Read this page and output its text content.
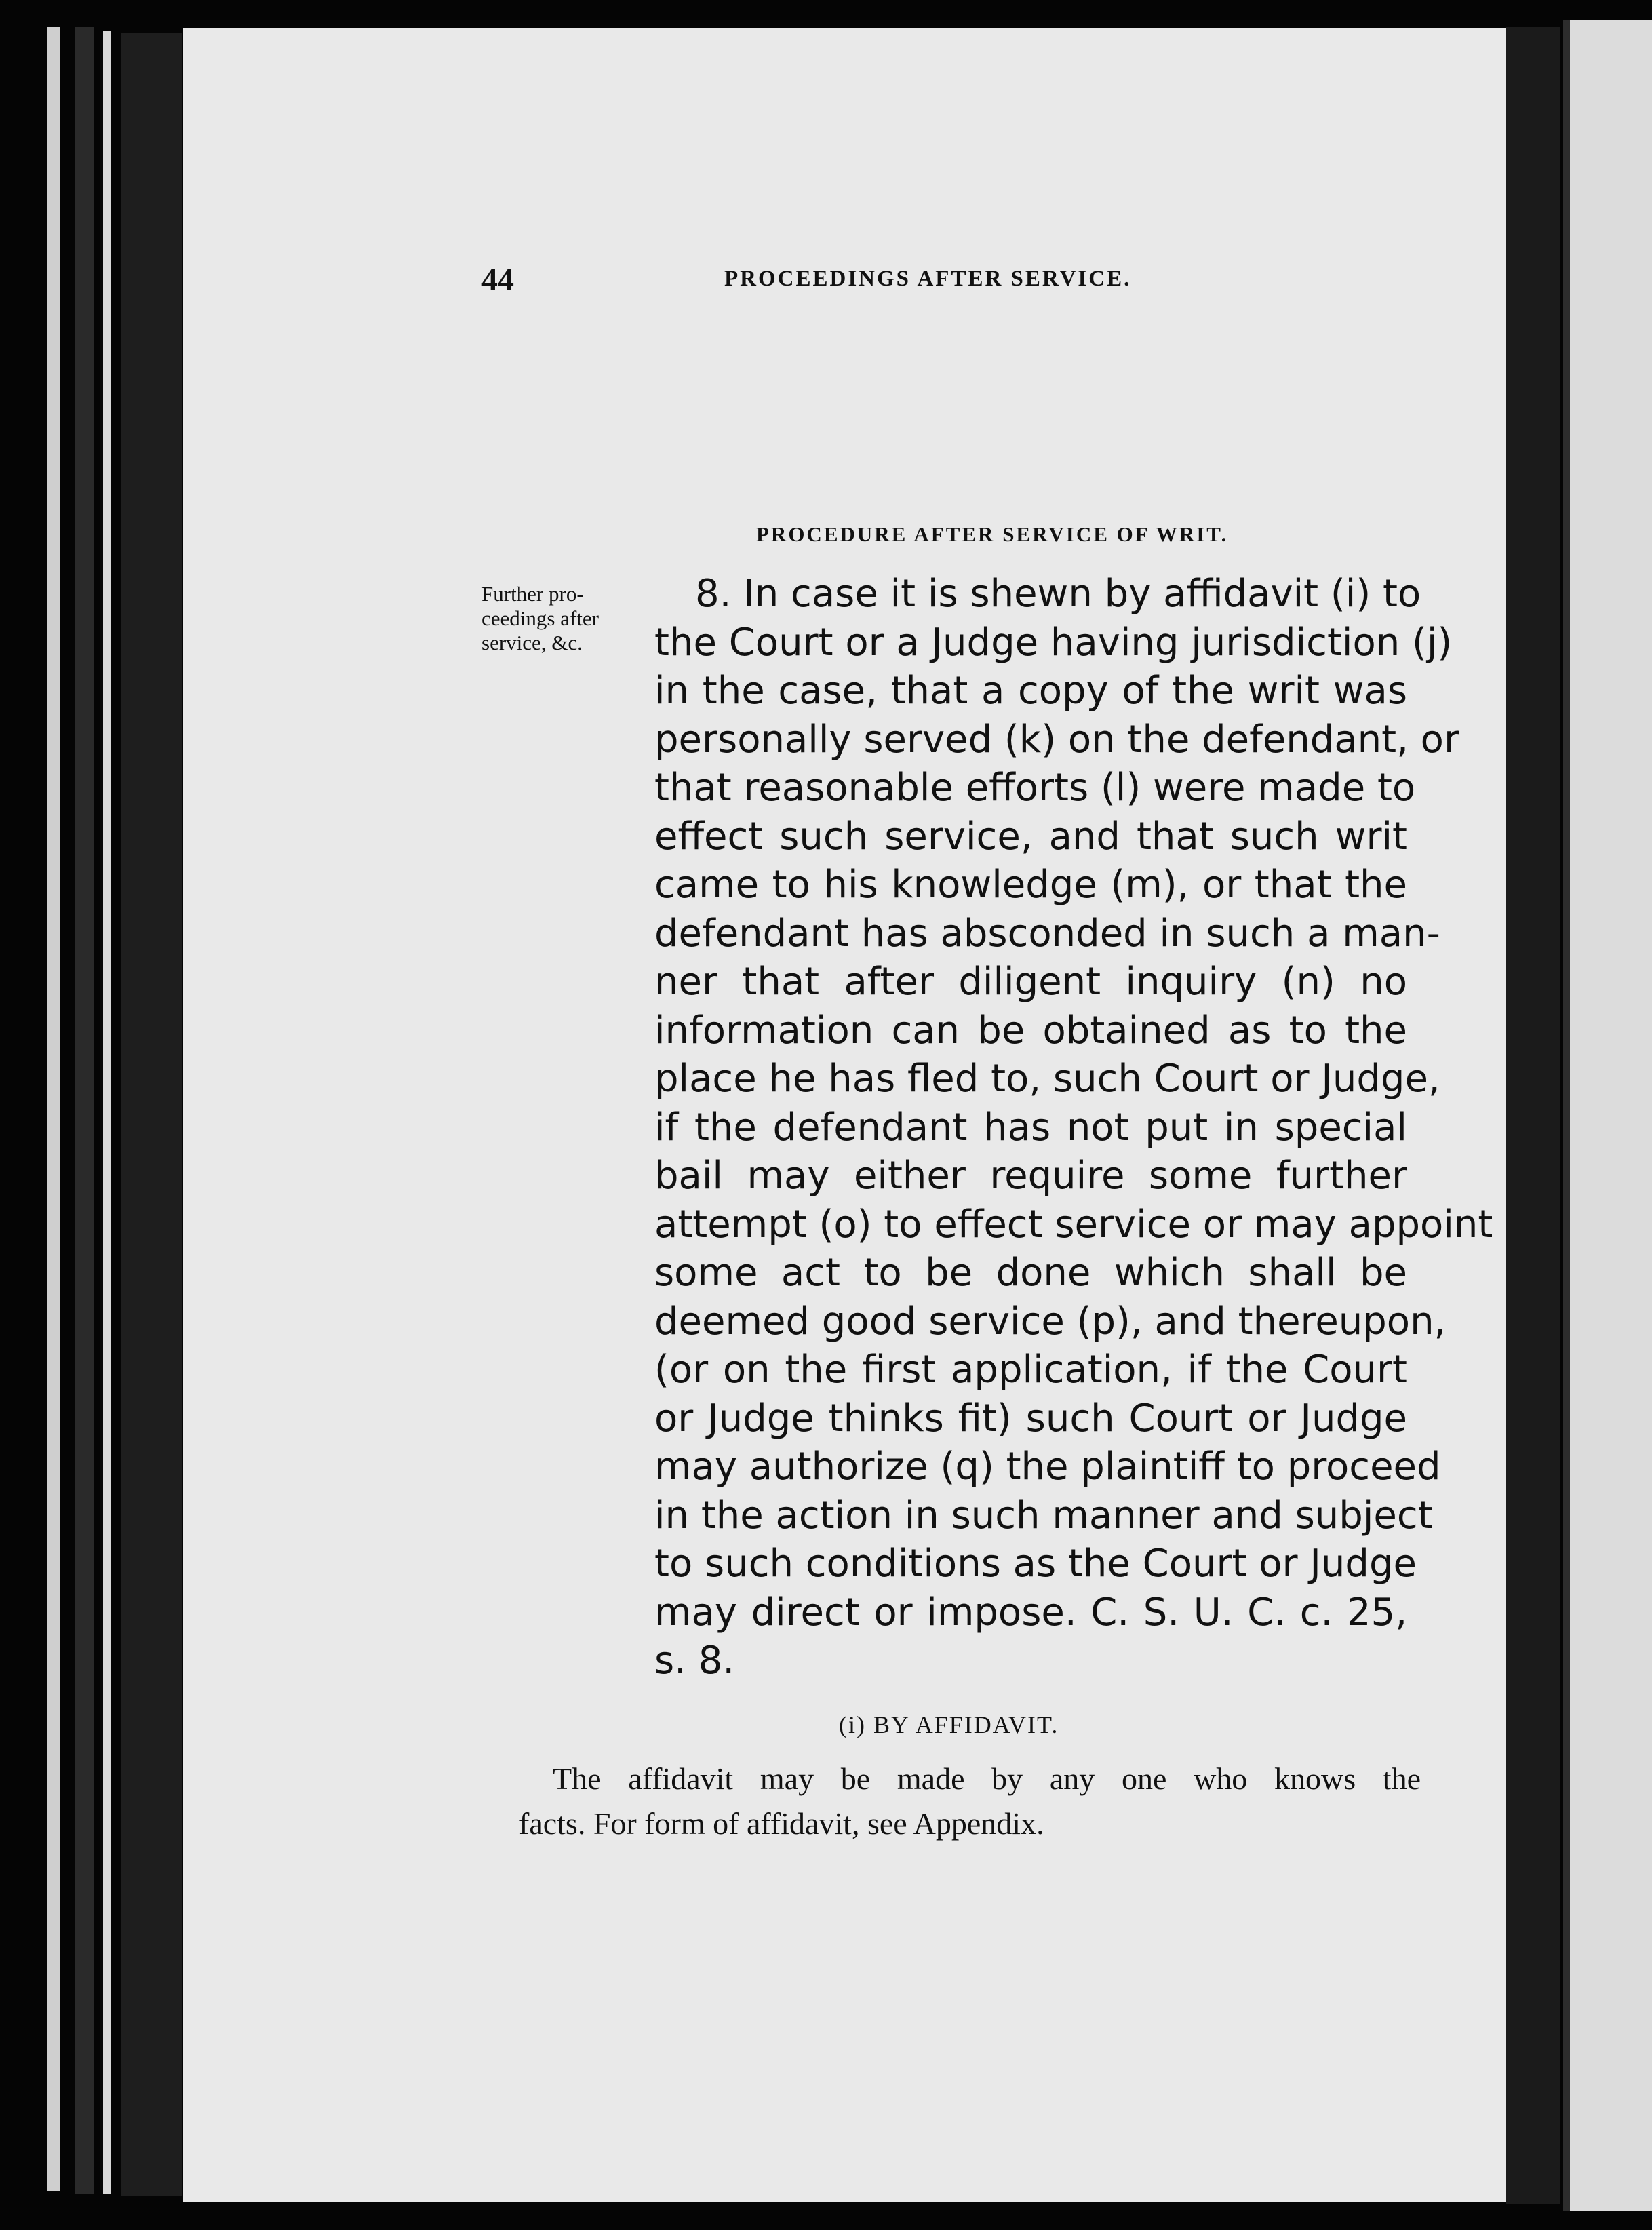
44	PROCEEDINGS AFTER SERVICE.
PROCEDURE AFTER SERVICE OF WRIT.
Further pro-
ceedings after
service, &c.
8. In case it is shewn by affidavit (i) to
the Court or a Judge having jurisdiction (j)
in the case, that a copy of the writ was
personally served (k) on the defendant, or
that reasonable efforts (l) were made to
effect such service, and that such writ
came to his knowledge (m), or that the
defendant has absconded in such a man-
ner that after diligent inquiry (n) no
information can be obtained as to the
place he has fled to, such Court or Judge,
if the defendant has not put in special
bail may either require some further
attempt (o) to effect service or may appoint
some act to be done which shall be
deemed good service (p), and thereupon,
(or on the first application, if the Court
or Judge thinks fit) such Court or Judge
may authorize (q) the plaintiff to proceed
in the action in such manner and subject
to such conditions as the Court or Judge
may direct or impose. C. S. U. C. c. 25,
s. 8.
(i) BY AFFIDAVIT.
The affidavit may be made by any one who knows the
facts. For form of affidavit, see Appendix.
